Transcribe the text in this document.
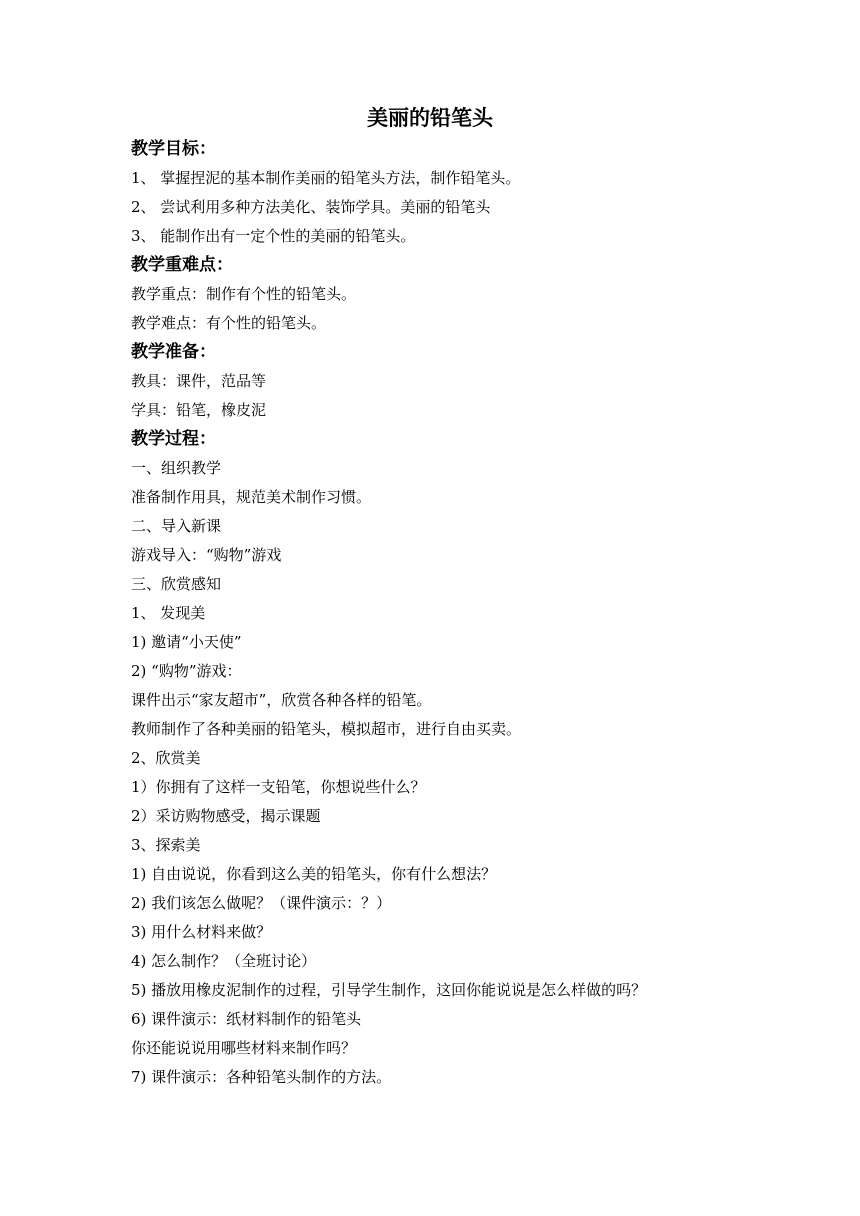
美丽的铅笔头
教学目标：
1、 掌握捏泥的基本制作美丽的铅笔头方法，制作铅笔头。
2、 尝试利用多种方法美化、装饰学具。美丽的铅笔头
3、 能制作出有一定个性的美丽的铅笔头。
教学重难点：
教学重点：制作有个性的铅笔头。
教学难点：有个性的铅笔头。
教学准备：
教具：课件，范品等
学具：铅笔，橡皮泥
教学过程：
一、组织教学
准备制作用具，规范美术制作习惯。
二、导入新课
游戏导入：“购物”游戏
三、欣赏感知
1、 发现美
1) 邀请“小天使”
2) “购物”游戏：
课件出示“家友超市”，欣赏各种各样的铅笔。
教师制作了各种美丽的铅笔头，模拟超市，进行自由买卖。
2、欣赏美
1）你拥有了这样一支铅笔，你想说些什么？
2）采访购物感受，揭示课题
3、探索美
1) 自由说说，你看到这么美的铅笔头，你有什么想法？
2) 我们该怎么做呢？（课件演示：？）
3) 用什么材料来做？
4) 怎么制作？（全班讨论）
5) 播放用橡皮泥制作的过程，引导学生制作，这回你能说说是怎么样做的吗？
6) 课件演示：纸材料制作的铅笔头
你还能说说用哪些材料来制作吗？
7) 课件演示：各种铅笔头制作的方法。
